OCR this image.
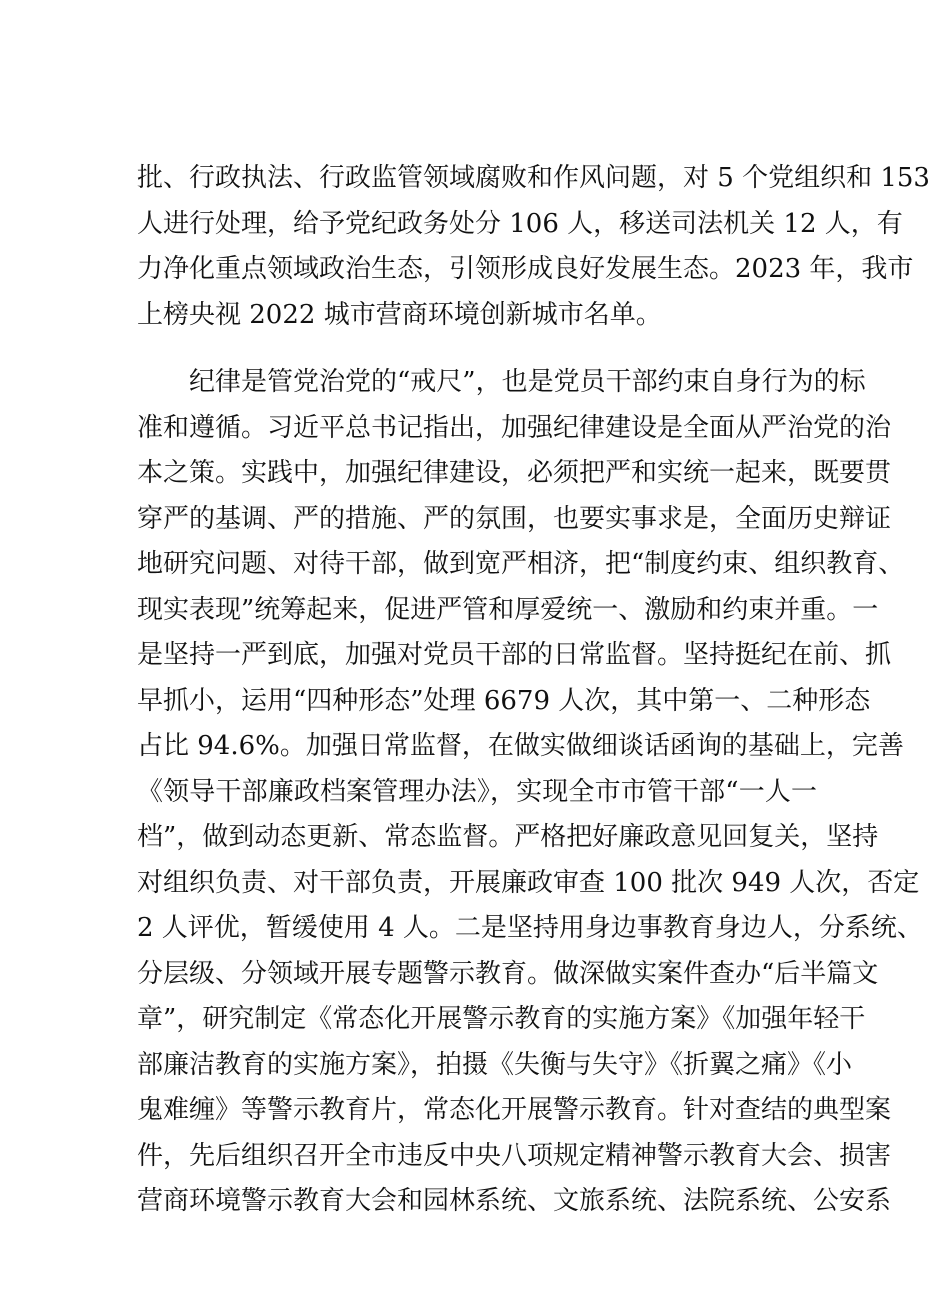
批、行政执法、行政监管领域腐败和作风问题，对 5 个党组织和 153
人进行处理，给予党纪政务处分 106 人，移送司法机关 12 人，有
力净化重点领域政治生态，引领形成良好发展生态。2023 年，我市
上榜央视 2022 城市营商环境创新城市名单。
纪律是管党治党的“戒尺”，也是党员干部约束自身行为的标
准和遵循。习近平总书记指出，加强纪律建设是全面从严治党的治
本之策。实践中，加强纪律建设，必须把严和实统一起来，既要贯
穿严的基调、严的措施、严的氛围，也要实事求是，全面历史辩证
地研究问题、对待干部，做到宽严相济，把“制度约束、组织教育、
现实表现”统筹起来，促进严管和厚爱统一、激励和约束并重。一
是坚持一严到底，加强对党员干部的日常监督。坚持挺纪在前、抓
早抓小，运用“四种形态”处理 6679 人次，其中第一、二种形态
占比 94.6%。加强日常监督，在做实做细谈话函询的基础上，完善
《领导干部廉政档案管理办法》，实现全市市管干部“一人一
档”，做到动态更新、常态监督。严格把好廉政意见回复关，坚持
对组织负责、对干部负责，开展廉政审查 100 批次 949 人次，否定
2 人评优，暂缓使用 4 人。二是坚持用身边事教育身边人，分系统、
分层级、分领域开展专题警示教育。做深做实案件查办“后半篇文
章”，研究制定《常态化开展警示教育的实施方案》《加强年轻干
部廉洁教育的实施方案》，拍摄《失衡与失守》《折翼之痛》《小
鬼难缠》等警示教育片，常态化开展警示教育。针对查结的典型案
件，先后组织召开全市违反中央八项规定精神警示教育大会、损害
营商环境警示教育大会和园林系统、文旅系统、法院系统、公安系
